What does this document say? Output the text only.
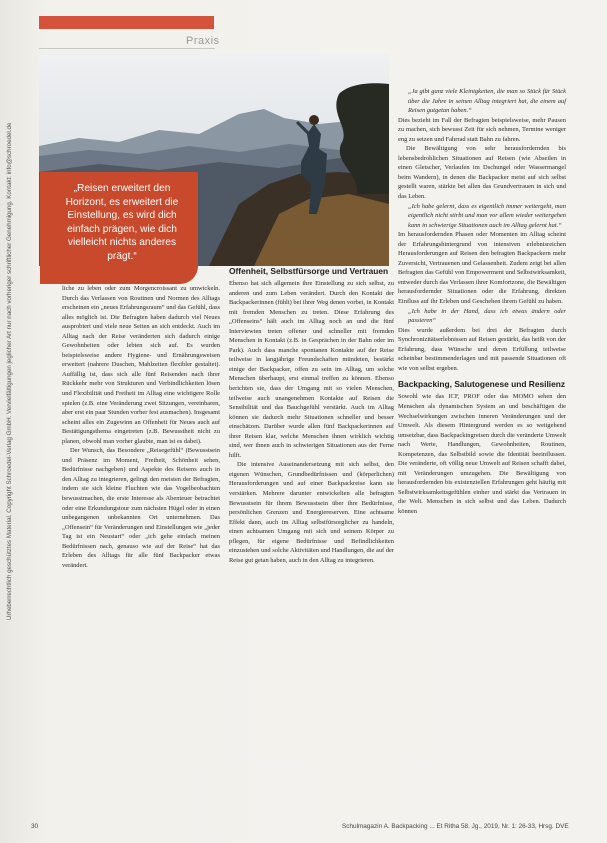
Praxis
Urheberrechtlich geschütztes Material. Copyright Schroedel-Verlag GmbH. Vervielfältigungen jeglicher Art nur nach vorheriger schriftlicher Genehmigung. Kontakt: info@schroedel.de	„Reisen erweitert den Horizont, es erweitert die Einstellung, es wird dich einfach prägen, wie dich vielleicht nichts anderes prägt.“

liche zu leben oder zum Morgencroissant zu umwickeln. Durch das Verlassen von Routinen und Normen des Alltags erscheinen ein „neues Erfahrungsraum“ und das Gefühl, dass alles möglich ist. Die Befragten haben dadurch viel Neues ausprobiert und viele neue Seiten an sich entdeckt. Auch im Alltag nach der Reise veränderten sich dadurch einige Gewohnheiten oder lebten sich auf. Es wurden beispielsweise andere Hygiene- und Ernährungsweisen erweitert (nahrere Duschen, Mahlzeiten flexibler gestaltet). Auffällig ist, dass sich alle fünf Reisenden nach ihrer Rückkehr mehr von Strukturen und Verbindlichkeiten lösen und Flexibilität und Freiheit im Alltag eine wichtigere Rolle spielen (z.B. eine Veränderung zwei Sitzungen, vereinbaren, aber erst ein paar Stunden vorher fest ausmachen). Insgesamt scheint alles ein Zugewinn an Offenheit für Neues auch auf Bestätigungsthema eingetreten (z.B. Bewusstheit nicht zu planen, obwohl man vorher glaubte, man ist es dabei).

Der Wunsch, das Besondere „Reisegefühl“ (Bewusstsein und Präsenz im Moment, Freiheit, Schönheit sehen, Bedürfnisse nachgeben) und Aspekte des Reisens auch in den Alltag zu integrieren, gelingt den meisten der Befragten, indem sie sich kleine Fluchten wie das Vogelbeobachten bewusstmachen, die erste Interesse als Abenteuer betrachtet oder eine Erkundungstour zum nächsten Hügel oder in einen unbegangenen unbekannten Ort unternehmen. Das „Offensein“ für Veränderungen und Einstellungen wie „jeder Tag ist ein Neustart“ oder „ich gehe einfach meinen Bedürfnissen nach, genauso wie auf der Reise“ hat das Erleben des Alltags für alle fünf Backpacker etwas verändert.

Offenheit, Selbstfürsorge und Vertrauen

Ebenso hat sich allgemein ihre Einstellung zu sich selbst, zu anderen und zum Leben verändert. Durch den Kontakt der Backpackerinnen (fühlt) bei ihrer Weg denen vorbei, in Kontakt mit fremden Menschen zu treten. Diese Erfahrung des „Offenseins“ hält auch im Alltag noch an und die fünf Interviewten treten offener und schneller mit fremden Menschen in Kontakt (z.B. in Gesprächen in der Bahn oder im Park). Auch dass manche spontanen Kontakte auf der Reise teilweise in langjährige Freundschaften mündeten, bestärkt einige der Backpacker, offen zu sein im Alltag, um solche Menschen überhaupt, erst einmal treffen zu können. Ebenso berichten sie, dass der Umgang mit so vielen Menschen, teilweise auch unangenehmen Kontakte auf Reisen die Sensibilität und das Bauchgefühl verstärkt. Auch im Alltag können sie dadurch mehr Situationen schneller und besser einschätzen. Darüber wurde allen fünf Backpackerinnen auf ihrer Reisen klar, welche Menschen ihnen wirklich wichtig sind, wer ihnen auch in schwierigen Situationen aus der Ferne hilft.

Die intensive Auseinandersetzung mit sich selbst, den eigenen Wünschen, Grundbedürfnissen und (körperlichen) Herausforderungen und auf einer Backpackreise kann sie verstärken. Mehrere darunter entwickelten alle befragten Bewusstsein für ihrem Bewusstsein über ihre Bedürfnisse, persönlichen Grenzen und Energiereserven. Eine achtsame Effekt dann, auch im Alltag selbstfürsorglicher zu handeln, einen achtsamen Umgang mit sich und seinem Körper zu pflegen, für eigene Bedürfnisse und Befindlichkeiten einzustehen und solche Aktivitäten und Handlungen, die auf der Reise gut getan haben, auch in den Alltag zu integrieren.

„Ja gibt ganz viele Kleinigkeiten, die man so Stück für Stück über die Jahre in seinen Alltag integriert hat, die einem auf Reisen gutgetan haben.“

Dies bezieht im Fall der Befragten beispielsweise, mehr Pausen zu machen, sich bewusst Zeit für sich nehmen, Termine weniger eng zu setzen und Fahrrad statt Bahn zu fahren.

Die Bewältigung von sehr herausfordernden bis lebensbedrohlichen Situationen auf Reisen (wie Abseilen in einen Gletscher, Verlaufen im Dschungel oder Wassermangel beim Wandern), in denen die Backpacker meist auf sich selbst gestellt waren, stärkte bei allen das Grundvertrauen in sich und das Leben.

„Ich habe gelernt, dass es eigentlich immer weitergeht, man eigentlich nicht stirbt und man vor allem wieder weitergehen kann in schwierige Situationen auch im Alltag gelernt hat.“

Im herausfordernden Phasen oder Momenten im Alltag scheint der Erfahrungshintergrund von intensiven erlebnisreichen Herausforderungen auf Reisen den befragten Backpackern mehr Zuversicht, Vertrauenen und Gelassenheit. Zudem zeigt bei allen Befragten das Gefühl von Empowerment und Selbstwirksamkeit, entweder durch das Verlassen ihrer Komfortzone, die Bewältigen herausfordernder Situationen oder die Erfahrung, direkten Einfluss auf ihr Erleben und Geschehen ihrem Gefühl zu haben.

„Ich habe in der Hand, dass ich etwas ändern oder passieren“

Dies wurde außerdem bei drei der Befragten durch Synchronizitätserlebnissen auf Reisen gestärkt, das heißt von der Erfahrung, dass Wünsche und deren Erfüllung teilweise scheinbar bestimmenderlagen und mit passende Situationen oft wie von selbst ergeben.

Backpacking, Salutogenese und Resilienz

Sowohl wie das ICF, PROF oder das MOMO sehen den Menschen als dynamischen System an und beschäftigen die Wechselwirkungen zwischen inneren Veränderungen und der Umwelt. Als diesem Hintergrund werden es so weitgehend umsetzbar, dass Backpackingreisen durch die veränderte Umwelt nach Werte, Handlungen, Gewohnheiten, Routinen, Kompetenzen, das Selbstbild sowie die Identität beeinflussen. Die veränderte, oft völlig neue Umwelt auf Reisen schafft dabei, mit Veränderungen umzugehen. Die Bewältigung von herausfordernden bis existenziellen Erfahrungen geht häufig mit Selbstwirksamkeitsgefühlen einher und stärkt das Vertrauen in die Welt. Menschen in sich selbst und das Leben. Dadurch können

30	Schulmagazin A. Backpacking ... Et Ritha 58. Jg., 2019, Nr. 1: 26-33, Hrsg. DVE
